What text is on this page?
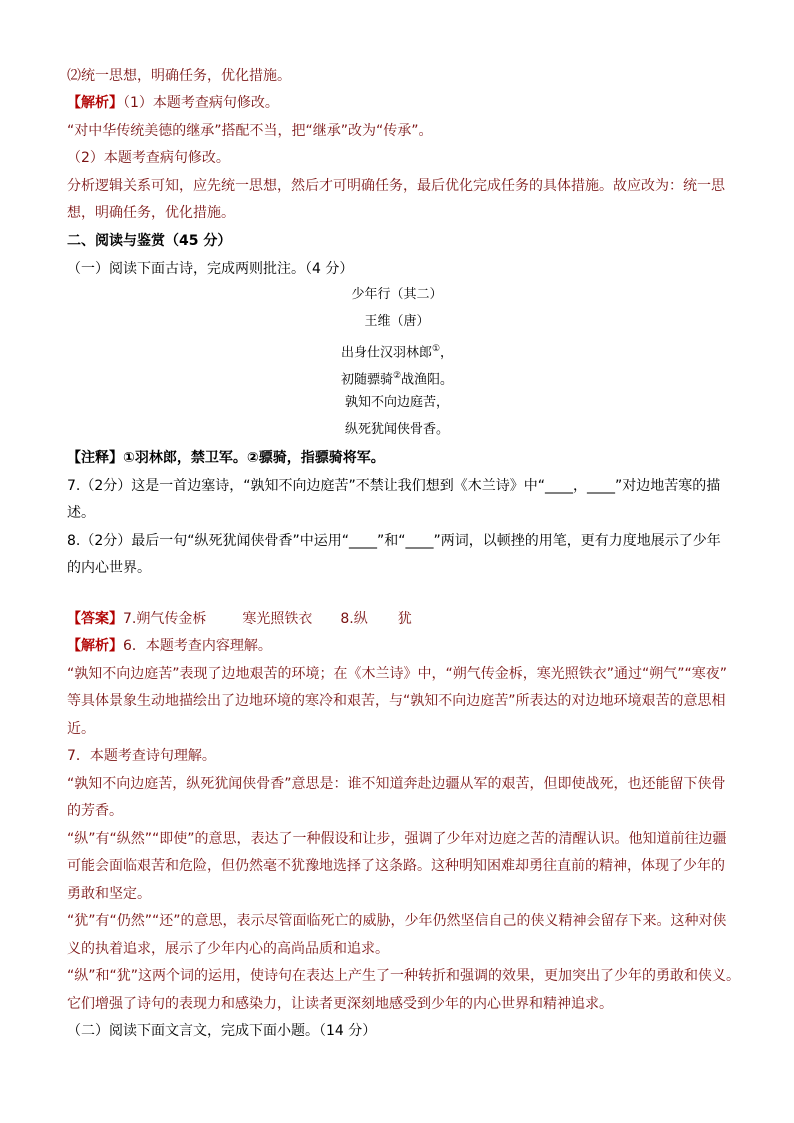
⑵统一思想，明确任务，优化措施。
【解析】（1）本题考查病句修改。
“对中华传统美德的继承”搭配不当，把“继承”改为“传承”。
（2）本题考查病句修改。
分析逻辑关系可知，应先统一思想，然后才可明确任务，最后优化完成任务的具体措施。故应改为：统一思
想，明确任务，优化措施。
二、阅读与鉴赏（45 分）
（一）阅读下面古诗，完成两则批注。（4 分）
少年行（其二）
王维（唐）
出身仕汉羽林郎①，
初随骠骑②战渔阳。
孰知不向边庭苦，
纵死犹闻侠骨香。
【注释】①羽林郎，禁卫军。②骠骑，指骠骑将军。
7.（2分）这是一首边塞诗，“孰知不向边庭苦”不禁让我们想到《木兰诗》中“____，____”对边地苦寒的描
述。
8.（2分）最后一句“纵死犹闻侠骨香”中运用“____”和“____”两词，以顿挫的用笔，更有力度地展示了少年
的内心世界。
【答案】7.朔气传金柝	寒光照铁衣 8.纵 犹
【解析】6．本题考查内容理解。
“孰知不向边庭苦”表现了边地艰苦的环境；在《木兰诗》中，“朔气传金柝，寒光照铁衣”通过“朔气”“寒夜”
等具体景象生动地描绘出了边地环境的寒冷和艰苦，与“孰知不向边庭苦”所表达的对边地环境艰苦的意思相
近。
7．本题考查诗句理解。
“孰知不向边庭苦，纵死犹闻侠骨香”意思是：谁不知道奔赴边疆从军的艰苦，但即使战死，也还能留下侠骨
的芳香。
“纵”有“纵然”“即使”的意思，表达了一种假设和让步，强调了少年对边庭之苦的清醒认识。他知道前往边疆
可能会面临艰苦和危险，但仍然毫不犹豫地选择了这条路。这种明知困难却勇往直前的精神，体现了少年的
勇敢和坚定。
“犹”有“仍然”“还”的意思，表示尽管面临死亡的威胁，少年仍然坚信自己的侠义精神会留存下来。这种对侠
义的执着追求，展示了少年内心的高尚品质和追求。
“纵”和“犹”这两个词的运用，使诗句在表达上产生了一种转折和强调的效果，更加突出了少年的勇敢和侠义。
它们增强了诗句的表现力和感染力，让读者更深刻地感受到少年的内心世界和精神追求。
（二）阅读下面文言文，完成下面小题。（14 分）
